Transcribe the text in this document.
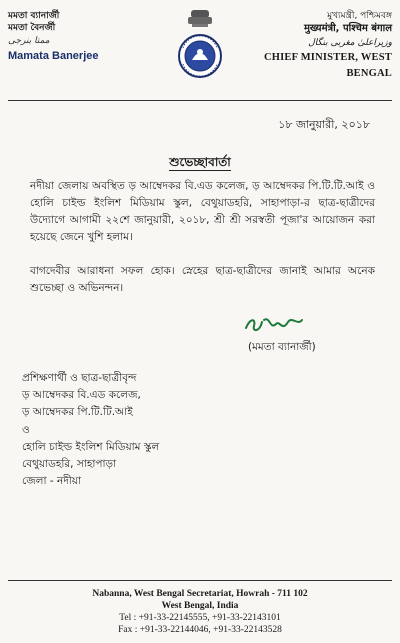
মমতা ব্যানার্জী
মমতা বৈনর্জী
ممتا بنرجی
Mamata Banerjee
মুখ্যমন্ত্রী, পশ্চিমবঙ্গ
मुख्यमंत्री, पश्चिम बंगाल
وزیراعلیٰ مغربی بنگال
CHIEF MINISTER, WEST BENGAL
১৮ জানুয়ারী, ২০১৮
শুভেচ্ছাবার্তা
নদীয়া জেলায় অবস্থিত ড় আম্বেদকর বি.এড কলেজ, ড় আম্বেদকর পি.টি.টি.আই ও হোলি চাইল্ড ইংলিশ মিডিয়াম স্কুল, বেথুয়াডহরি, সাহাপাড়া-র ছাত্র-ছাত্রীদের উদ্যোগে আগামী ২২শে জানুয়ারী, ২০১৮, শ্রী শ্রী সরস্বতী পূজা'র আয়োজন করা হয়েছে জেনে খুশি হলাম।
বাগদেবীর আরাধনা সফল হোক। স্নেহের ছাত্র-ছাত্রীদের জানাই আমার অনেক শুভেচ্ছা ও অভিনন্দন।
(মমতা ব্যানার্জী)
প্রশিক্ষণার্থী ও ছাত্র-ছাত্রীবৃন্দ
ড় আম্বেদকর বি.এড কলেজ,
ড় আম্বেদকর পি.টি.টি.আই
ও
হোলি চাইল্ড ইংলিশ মিডিয়াম স্কুল
বেথুয়াডহরি, সাহাপাড়া
জেলা - নদীয়া
Nabanna, West Bengal Secretariat, Howrah - 711 102
West Bengal, India
Tel : +91-33-22145555, +91-33-22143101
Fax : +91-33-22144046, +91-33-22143528
